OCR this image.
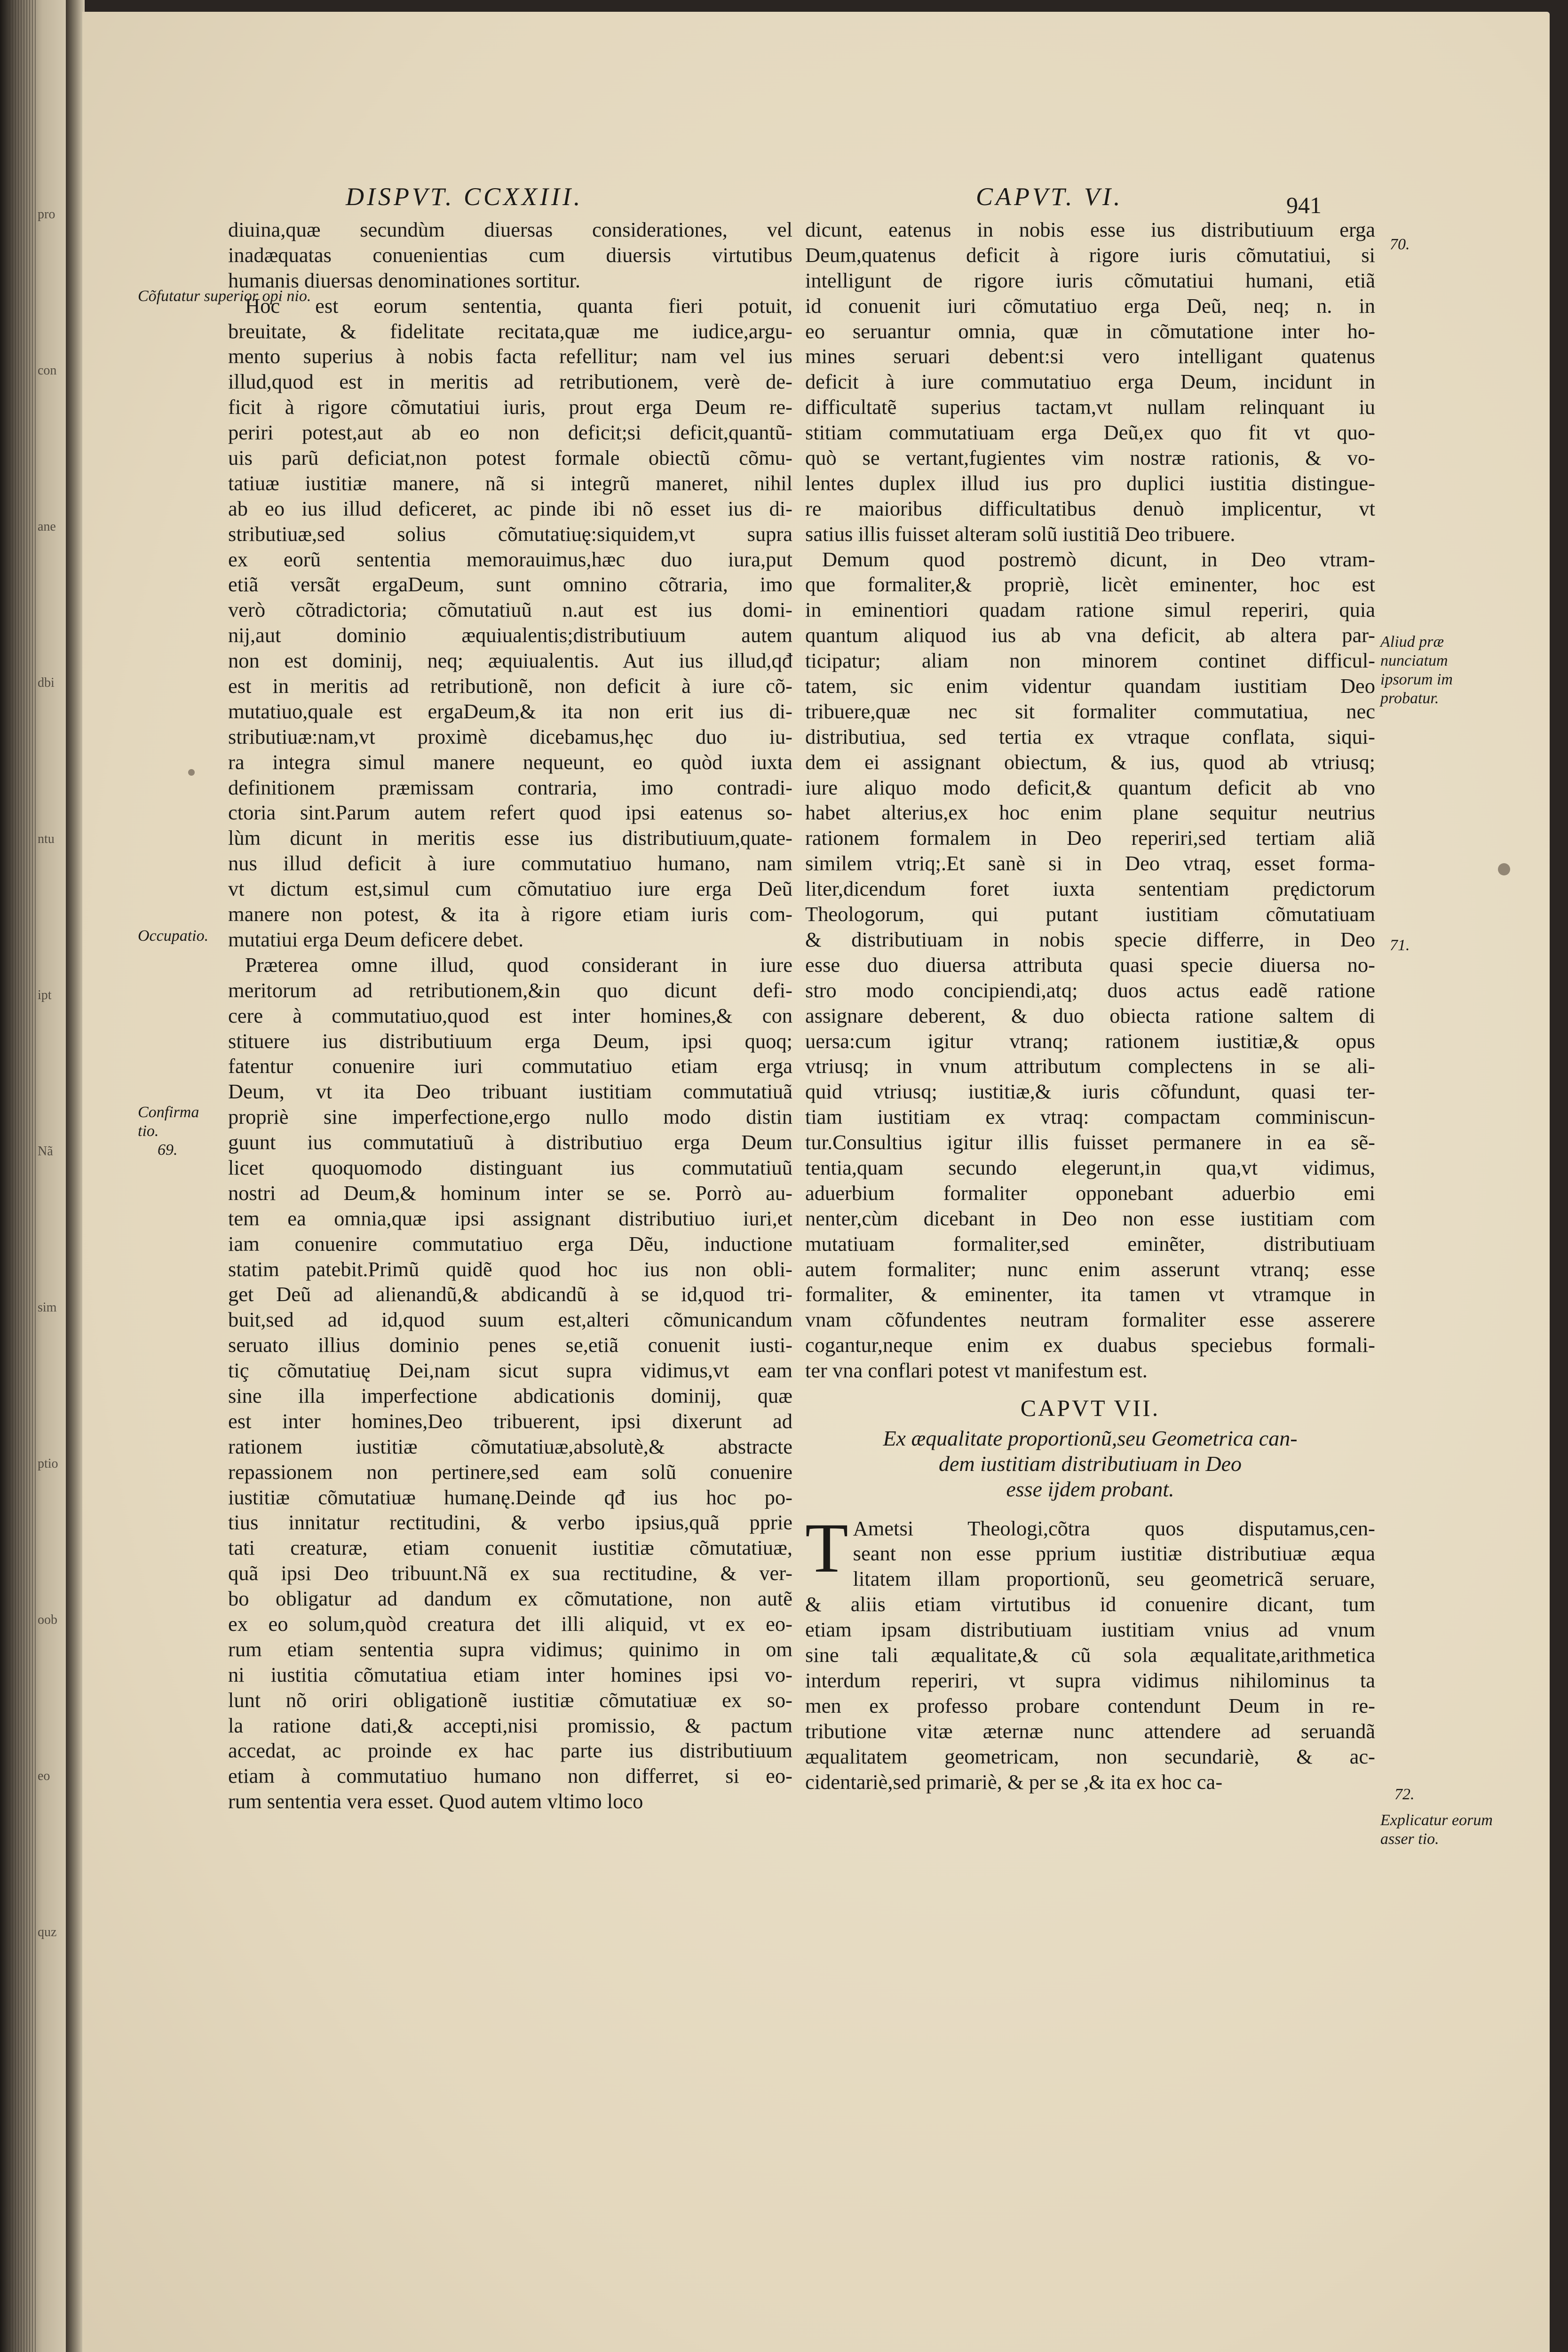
DISPVT. CCXXIII.	CAPVT. VI.	941
Cõfutatur superior opi nio.
Occupatio.
Confirma tio.
69.
70.
Aliud præ nunciatum ipsorum im probatur.
71.
72.
Explicatur eorum asser tio.
diuina,quæ secundùm diuersas considerationes, vel
inadæquatas conuenientias cum diuersis virtutibus
humanis diuersas denominationes sortitur.
Hoc est eorum sententia, quanta fieri potuit,
breuitate, & fidelitate recitata,quæ me iudice,argu-
mento superius à nobis facta refellitur; nam vel ius
illud,quod est in meritis ad retributionem, verè de-
ficit à rigore cõmutatiui iuris, prout erga Deum re-
periri potest,aut ab eo non deficit;si deficit,quantũ-
uis parũ deficiat,non potest formale obiectũ cõmu-
tatiuæ iustitiæ manere, nã si integrũ maneret, nihil
ab eo ius illud deficeret, ac pinde ibi nõ esset ius di-
stributiuæ,sed solius cõmutatiuę:siquidem,vt supra
ex eorũ sententia memorauimus,hæc duo iura,put
etiã versãt ergaDeum, sunt omnino cõtraria, imo
verò cõtradictoria; cõmutatiuũ n.aut est ius domi-
nij,aut dominio æquiualentis;distributiuum autem
non est dominij, neq; æquiualentis. Aut ius illud,qđ
est in meritis ad retributionẽ, non deficit à iure cõ-
mutatiuo,quale est ergaDeum,& ita non erit ius di-
stributiuæ:nam,vt proximè dicebamus,hęc duo iu-
ra integra simul manere nequeunt, eo quòd iuxta
definitionem præmissam contraria, imo contradi-
ctoria sint.Parum autem refert quod ipsi eatenus so-
lùm dicunt in meritis esse ius distributiuum,quate-
nus illud deficit à iure commutatiuo humano, nam
vt dictum est,simul cum cõmutatiuo iure erga Deũ
manere non potest, & ita à rigore etiam iuris com-
mutatiui erga Deum deficere debet.
Præterea omne illud, quod considerant in iure
meritorum ad retributionem,&in quo dicunt defi-
cere à commutatiuo,quod est inter homines,& con
stituere ius distributiuum erga Deum, ipsi quoq;
fatentur conuenire iuri commutatiuo etiam erga
Deum, vt ita Deo tribuant iustitiam commutatiuã
propriè sine imperfectione,ergo nullo modo distin
guunt ius commutatiuũ à distributiuo erga Deum
licet quoquomodo distinguant ius commutatiuũ
nostri ad Deum,& hominum inter se se. Porrò au-
tem ea omnia,quæ ipsi assignant distributiuo iuri,et
iam conuenire commutatiuo erga Dẽu, inductione
statim patebit.Primũ quidẽ quod hoc ius non obli-
get Deũ ad alienandũ,& abdicandũ à se id,quod tri-
buit,sed ad id,quod suum est,alteri cõmunicandum
seruato illius dominio penes se,etiã conuenit iusti-
tiç cõmutatiuę Dei,nam sicut supra vidimus,vt eam
sine illa imperfectione abdicationis dominij, quæ
est inter homines,Deo tribuerent, ipsi dixerunt ad
rationem iustitiæ cõmutatiuæ,absolutè,& abstracte
repassionem non pertinere,sed eam solũ conuenire
iustitiæ cõmutatiuæ humanę.Deinde qđ ius hoc po-
tius innitatur rectitudini, & verbo ipsius,quã pprie
tati creaturæ, etiam conuenit iustitiæ cõmutatiuæ,
quã ipsi Deo tribuunt.Nã ex sua rectitudine, & ver-
bo obligatur ad dandum ex cõmutatione, non autẽ
ex eo solum,quòd creatura det illi aliquid, vt ex eo-
rum etiam sententia supra vidimus; quinimo in om
ni iustitia cõmutatiua etiam inter homines ipsi vo-
lunt nõ oriri obligationẽ iustitiæ cõmutatiuæ ex so-
la ratione dati,& accepti,nisi promissio, & pactum
accedat, ac proinde ex hac parte ius distributiuum
etiam à commutatiuo humano non differret, si eo-
rum sententia vera esset. Quod autem vltimo loco
dicunt, eatenus in nobis esse ius distributiuum erga
Deum,quatenus deficit à rigore iuris cõmutatiui, si
intelligunt de rigore iuris cõmutatiui humani, etiã
id conuenit iuri cõmutatiuo erga Deũ, neq; n. in
eo seruantur omnia, quæ in cõmutatione inter ho-
mines seruari debent:si vero intelligant quatenus
deficit à iure commutatiuo erga Deum, incidunt in
difficultatẽ superius tactam,vt nullam relinquant iu
stitiam commutatiuam erga Deũ,ex quo fit vt quo-
quò se vertant,fugientes vim nostræ rationis, & vo-
lentes duplex illud ius pro duplici iustitia distingue-
re maioribus difficultatibus denuò implicentur, vt
satius illis fuisset alteram solũ iustitiã Deo tribuere.
Demum quod postremò dicunt, in Deo vtram-
que formaliter,& propriè, licèt eminenter, hoc est
in eminentiori quadam ratione simul reperiri, quia
quantum aliquod ius ab vna deficit, ab altera par-
ticipatur; aliam non minorem continet difficul-
tatem, sic enim videntur quandam iustitiam Deo
tribuere,quæ nec sit formaliter commutatiua, nec
distributiua, sed tertia ex vtraque conflata, siqui-
dem ei assignant obiectum, & ius, quod ab vtriusq;
iure aliquo modo deficit,& quantum deficit ab vno
habet alterius,ex hoc enim plane sequitur neutrius
rationem formalem in Deo reperiri,sed tertiam aliã
similem vtriq;.Et sanè si in Deo vtraq, esset forma-
liter,dicendum foret iuxta sententiam prędictorum
Theologorum, qui putant iustitiam cõmutatiuam
& distributiuam in nobis specie differre, in Deo
esse duo diuersa attributa quasi specie diuersa no-
stro modo concipiendi,atq; duos actus eadẽ ratione
assignare deberent, & duo obiecta ratione saltem di
uersa:cum igitur vtranq; rationem iustitiæ,& opus
vtriusq; in vnum attributum complectens in se ali-
quid vtriusq; iustitiæ,& iuris cõfundunt, quasi ter-
tiam iustitiam ex vtraq: compactam comminiscun-
tur.Consultius igitur illis fuisset permanere in ea sẽ-
tentia,quam secundo elegerunt,in qua,vt vidimus,
aduerbium formaliter opponebant aduerbio emi
nenter,cùm dicebant in Deo non esse iustitiam com
mutatiuam formaliter,sed eminẽter, distributiuam
autem formaliter; nunc enim asserunt vtranq; esse
formaliter, & eminenter, ita tamen vt vtramque in
vnam cõfundentes neutram formaliter esse asserere
cogantur,neque enim ex duabus speciebus formali-
ter vna conflari potest vt manifestum est.
CAPVT VII.
Ex æqualitate proportionũ,seu Geometrica can-
dem iustitiam distributiuam in Deo
esse ijdem probant.
T Ametsi Theologi,cõtra quos disputamus,cen-
seant non esse pprium iustitiæ distributiuæ æqua
litatem illam proportionũ, seu geometricã seruare,
& aliis etiam virtutibus id conuenire dicant, tum
etiam ipsam distributiuam iustitiam vnius ad vnum
sine tali æqualitate,& cũ sola æqualitate,arithmetica
interdum reperiri, vt supra vidimus nihilominus ta
men ex professo probare contendunt Deum in re-
tributione vitæ æternæ nunc attendere ad seruandã
æqualitatem geometricam, non secundariè, & ac-
cidentariè,sed primariè, & per se ,& ita ex hoc ca-
pro
con
ane
dbi
ntu
ipt
Nã
sim
ptio
oob
eo
quz
